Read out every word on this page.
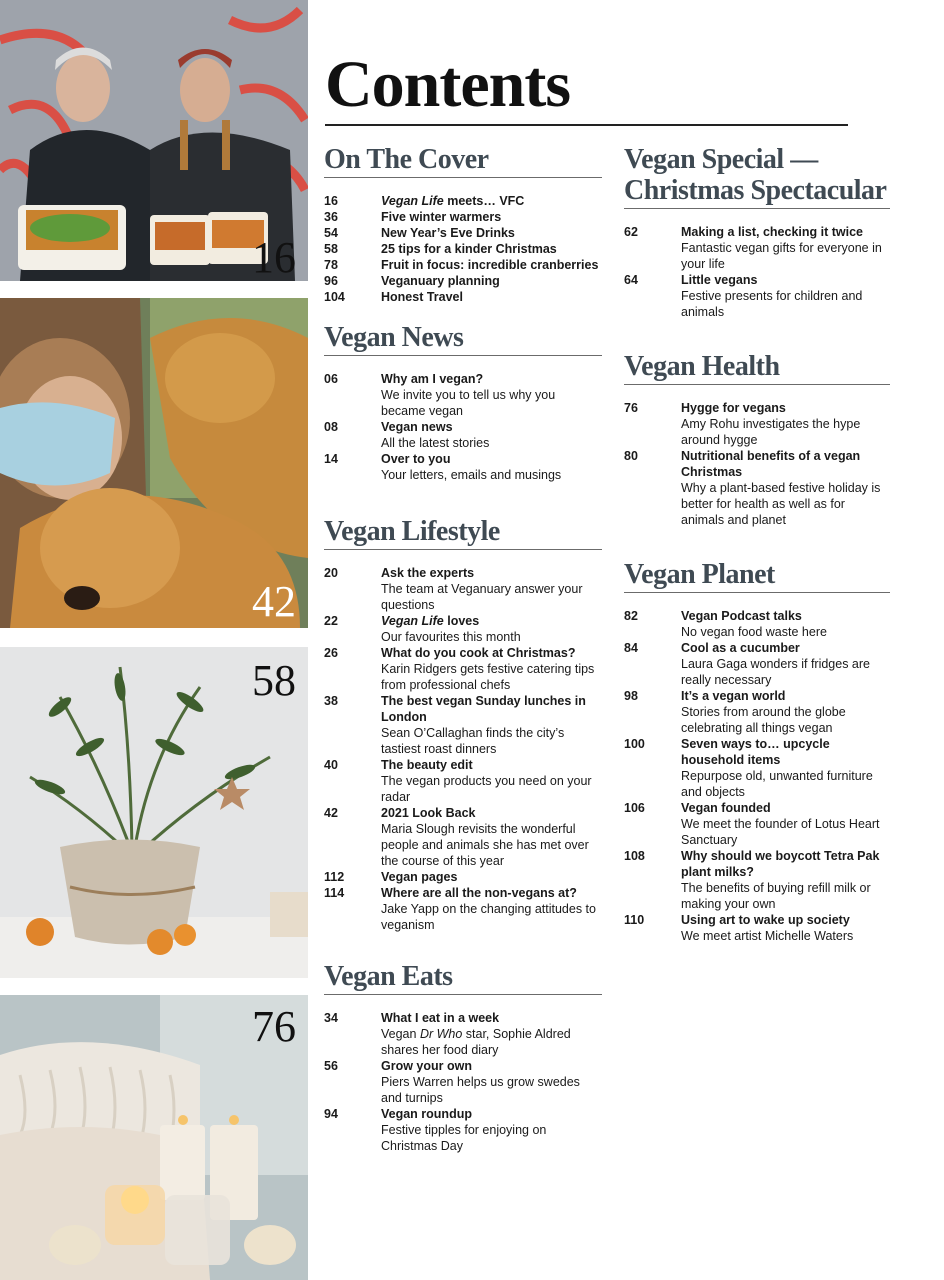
16
42
58
76
Contents
On The Cover
16	Vegan Life meets… VFC
36	Five winter warmers
54	New Year’s Eve Drinks
58	25 tips for a kinder Christmas
78	Fruit in focus: incredible cranberries
96	Veganuary planning
104	Honest Travel
Vegan News
06	Why am I vegan?
We invite you to tell us why you became vegan
08	Vegan news
All the latest stories
14	Over to you
Your letters, emails and musings
Vegan Lifestyle
20	Ask the experts
The team at Veganuary answer your questions
22	Vegan Life loves
Our favourites this month
26	What do you cook at Christmas?
Karin Ridgers gets festive catering tips from professional chefs
38	The best vegan Sunday lunches in London
Sean O’Callaghan finds the city’s tastiest roast dinners
40	The beauty edit
The vegan products you need on your radar
42	2021 Look Back
Maria Slough revisits the wonderful people and animals she has met over the course of this year
112	Vegan pages
114	Where are all the non-vegans at?
Jake Yapp on the changing attitudes to veganism
Vegan Eats
34	What I eat in a week
Vegan Dr Who star, Sophie Aldred shares her food diary
56	Grow your own
Piers Warren helps us grow swedes and turnips
94	Vegan roundup
Festive tipples for enjoying on Christmas Day
Vegan Special — Christmas Spectacular
62	Making a list, checking it twice
Fantastic vegan gifts for everyone in your life
64	Little vegans
Festive presents for children and animals
Vegan Health
76	Hygge for vegans
Amy Rohu investigates the hype around hygge
80	Nutritional benefits of a vegan Christmas
Why a plant-based festive holiday is better for health as well as for animals and planet
Vegan Planet
82	Vegan Podcast talks
No vegan food waste here
84	Cool as a cucumber
Laura Gaga wonders if fridges are really necessary
98	It’s a vegan world
Stories from around the globe celebrating all things vegan
100	Seven ways to… upcycle household items
Repurpose old, unwanted furniture and objects
106	Vegan founded
We meet the founder of Lotus Heart Sanctuary
108	Why should we boycott Tetra Pak plant milks?
The benefits of buying refill milk or making your own
110	Using art to wake up society
We meet artist Michelle Waters
